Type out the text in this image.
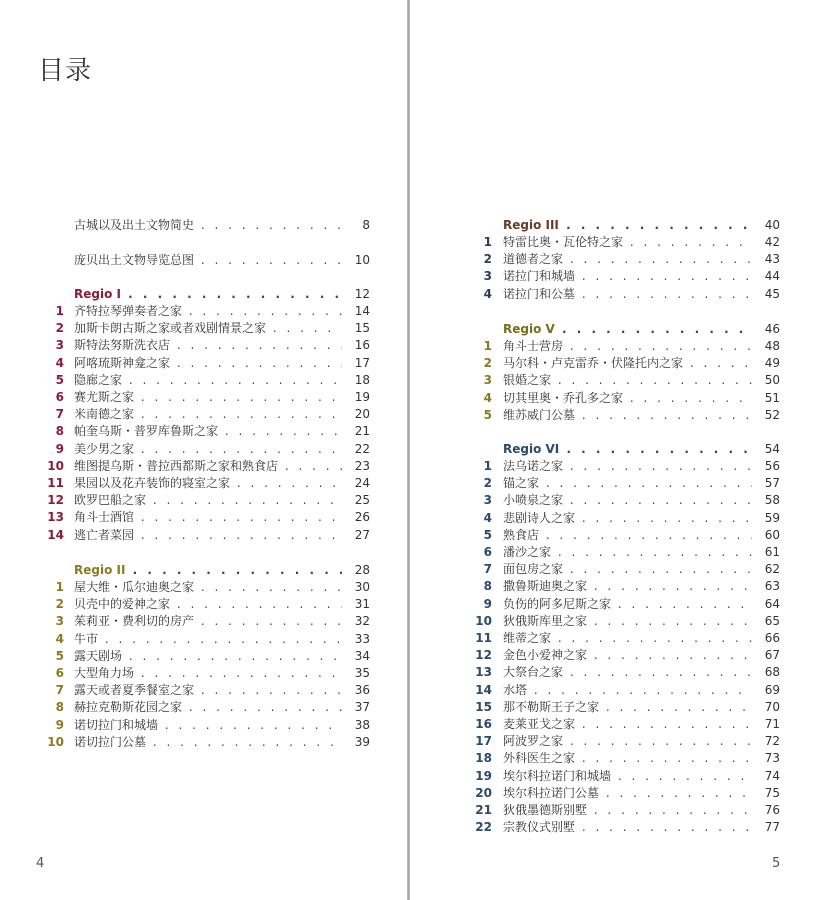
目录
古城以及出土文物简史 . . .	8
庞贝出土文物导览总图 . . .	10
Regio I . . .	12
1 齐特拉琴弹奏者之家 . . .	14
2 加斯卡朗古斯之家或者戏剧情景之家 . . .	15
3 斯特法努斯洗衣店 . . .	16
4 阿喀琉斯神龛之家 . . .	17
5 隐廊之家 . . .	18
6 赛尤斯之家 . . .	19
7 米南德之家 . . .	20
8 帕奎乌斯・普罗库鲁斯之家 . . .	21
9 美少男之家 . . .	22
10 维图提乌斯・普拉西都斯之家和熟食店 . . .	23
11 果园以及花卉装饰的寝室之家 . . .	24
12 欧罗巴船之家 . . .	25
13 角斗士酒馆 . . .	26
14 逃亡者菜园 . . .	27
Regio II . . .	28
1 屋大维・瓜尔迪奥之家 . . .	30
2 贝壳中的爱神之家 . . .	31
3 茱莉亚・费利切的房产 . . .	32
4 牛市 . . .	33
5 露天剧场 . . .	34
6 大型角力场 . . .	35
7 露天或者夏季餐室之家 . . .	36
8 赫拉克勒斯花园之家 . . .	37
9 诺切拉门和城墙 . . .	38
10 诺切拉门公墓 . . .	39
4
Regio III . . .	40
1 特雷比奥・瓦伦特之家 . . .	42
2 道德者之家 . . .	43
3 诺拉门和城墙 . . .	44
4 诺拉门和公墓 . . .	45
Regio V . . .	46
1 角斗士营房 . . .	48
2 马尔科・卢克雷乔・伏隆托内之家 . . .	49
3 银婚之家 . . .	50
4 切其里奥・乔孔多之家 . . .	51
5 维苏威门公墓 . . .	52
Regio VI . . .	54
1 法乌诺之家 . . .	56
2 锚之家 . . .	57
3 小喷泉之家 . . .	58
4 悲剧诗人之家 . . .	59
5 熟食店 . . .	60
6 潘沙之家 . . .	61
7 面包房之家 . . .	62
8 撒鲁斯迪奥之家 . . .	63
9 负伤的阿多尼斯之家 . . .	64
10 狄俄斯库里之家 . . .	65
11 维蒂之家 . . .	66
12 金色小爱神之家 . . .	67
13 大祭台之家 . . .	68
14 水塔 . . .	69
15 那不勒斯王子之家 . . .	70
16 麦莱亚戈之家 . . .	71
17 阿波罗之家 . . .	72
18 外科医生之家 . . .	73
19 埃尔科拉诺门和城墙 . . .	74
20 埃尔科拉诺门公墓 . . .	75
21 狄俄墨德斯别墅 . . .	76
22 宗教仪式别墅 . . .	77
5
